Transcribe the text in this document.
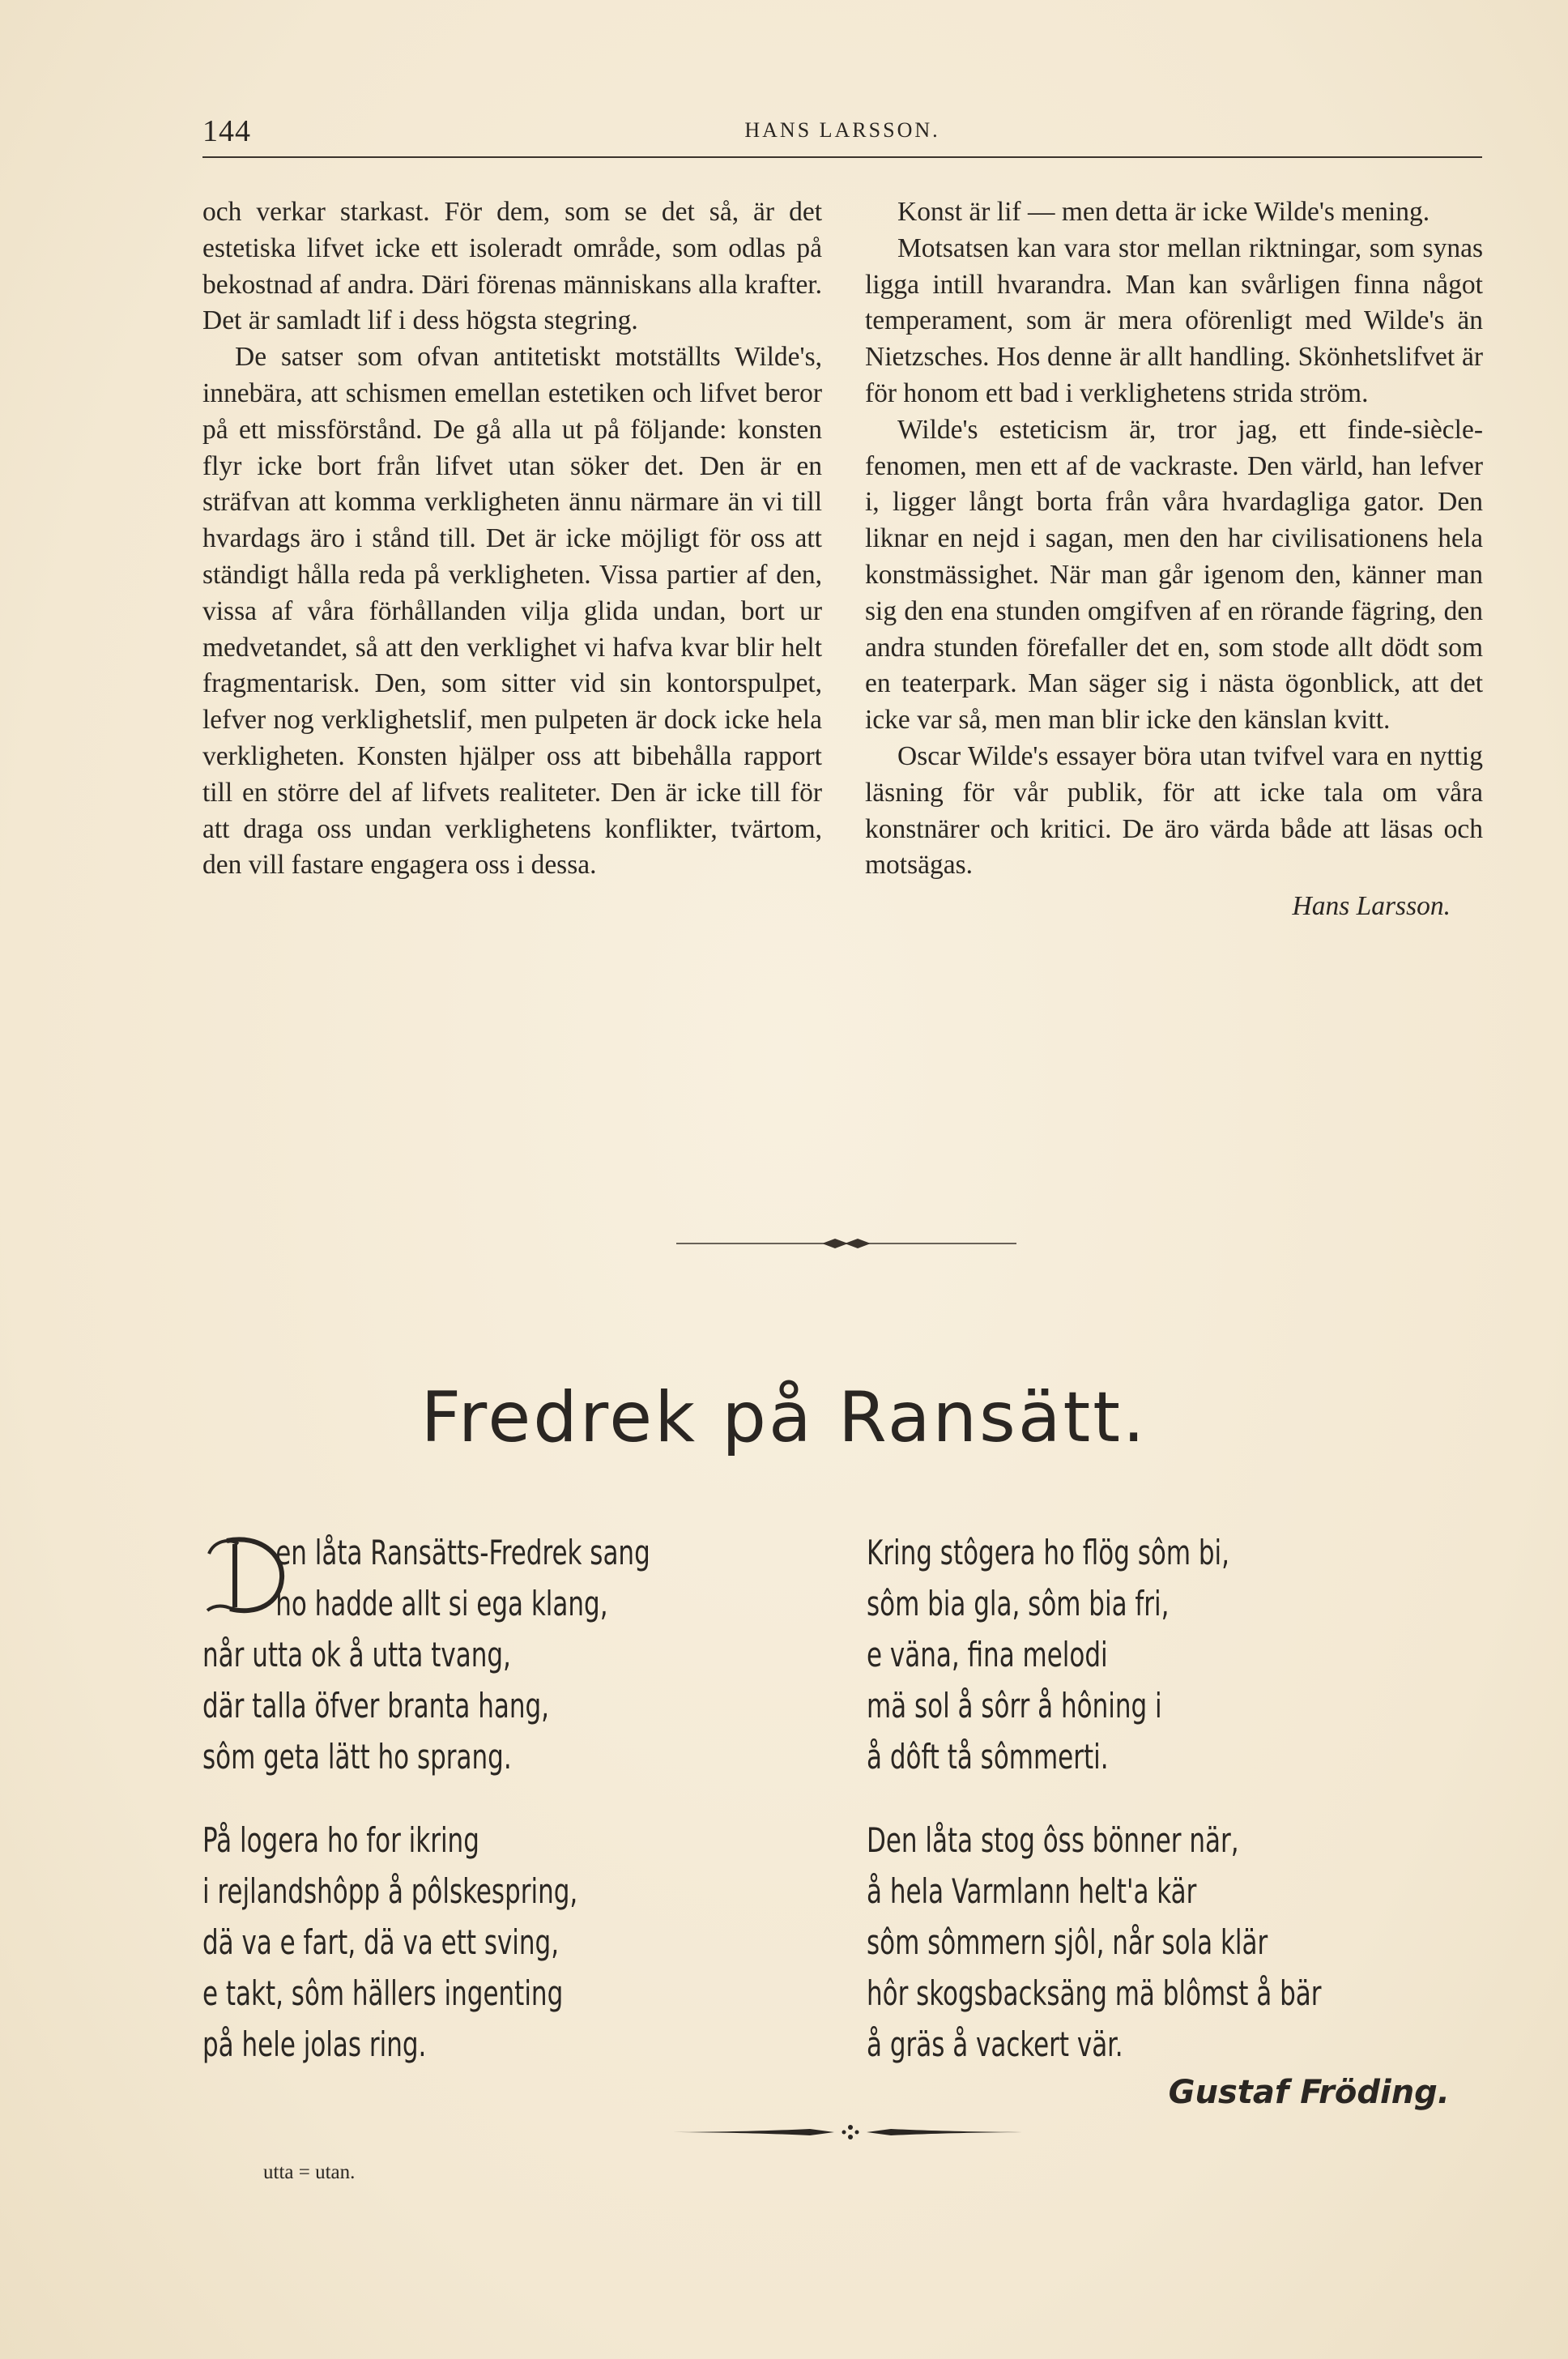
144	HANS LARSSON.

och verkar starkast. För dem, som se det så, är det estetiska lifvet icke ett isoleradt område, som odlas på bekostnad af andra. Däri förenas människans alla krafter. Det är samladt lif i dess högsta stegring.

De satser som ofvan antitetiskt motställts Wilde's, innebära, att schismen emellan estetiken och lifvet beror på ett missförstånd. De gå alla ut på följande: konsten flyr icke bort från lifvet utan söker det. Den är en sträfvan att komma verkligheten ännu närmare än vi till hvardags äro i stånd till. Det är icke möjligt för oss att ständigt hålla reda på verkligheten. Vissa partier af den, vissa af våra förhållanden vilja glida undan, bort ur medvetandet, så att den verklighet vi hafva kvar blir helt fragmentarisk. Den, som sitter vid sin kontorspulpet, lefver nog verklighetslif, men pulpeten är dock icke hela verkligheten. Konsten hjälper oss att bibehålla rapport till en större del af lifvets realiteter. Den är icke till för att draga oss undan verklighetens konflikter, tvärtom, den vill fastare engagera oss i dessa.

Konst är lif — men detta är icke Wilde's mening.

Motsatsen kan vara stor mellan riktningar, som synas ligga intill hvarandra. Man kan svårligen finna något temperament, som är mera oförenligt med Wilde's än Nietzsches. Hos denne är allt handling. Skönhetslifvet är för honom ett bad i verklighetens strida ström.

Wilde's esteticism är, tror jag, ett finde-siècle-fenomen, men ett af de vackraste. Den värld, han lefver i, ligger långt borta från våra hvardagliga gator. Den liknar en nejd i sagan, men den har civilisationens hela konstmässighet. När man går igenom den, känner man sig den ena stunden omgifven af en rörande fägring, den andra stunden förefaller det en, som stode allt dödt som en teaterpark. Man säger sig i nästa ögonblick, att det icke var så, men man blir icke den känslan kvitt.

Oscar Wilde's essayer böra utan tvifvel vara en nyttig läsning för vår publik, för att icke tala om våra konstnärer och kritici. De äro värda både att läsas och motsägas.

Hans Larsson.
Fredrek på Ransätt.
en låta Ransätts-Fredrek sang
ho hadde allt si ega klang,
når utta ok å utta tvang,
där talla öfver branta hang,
sôm geta lätt ho sprang.
På logera ho for ikring
i rejlandshôpp å pôlskespring,
dä va e fart, dä va ett sving,
e takt, sôm hällers ingenting
på hele jolas ring.
Kring stôgera ho flög sôm bi,
sôm bia gla, sôm bia fri,
e väna, fina melodi
mä sol å sôrr å hôning i
å dôft tå sômmerti.
Den låta stog ôss bönner när,
å hela Varmlann helt'a kär
sôm sômmern sjôl, når sola klär
hôr skogsbacksäng mä blômst å bär
å gräs å vackert vär.
Gustaf Fröding.
utta = utan.
